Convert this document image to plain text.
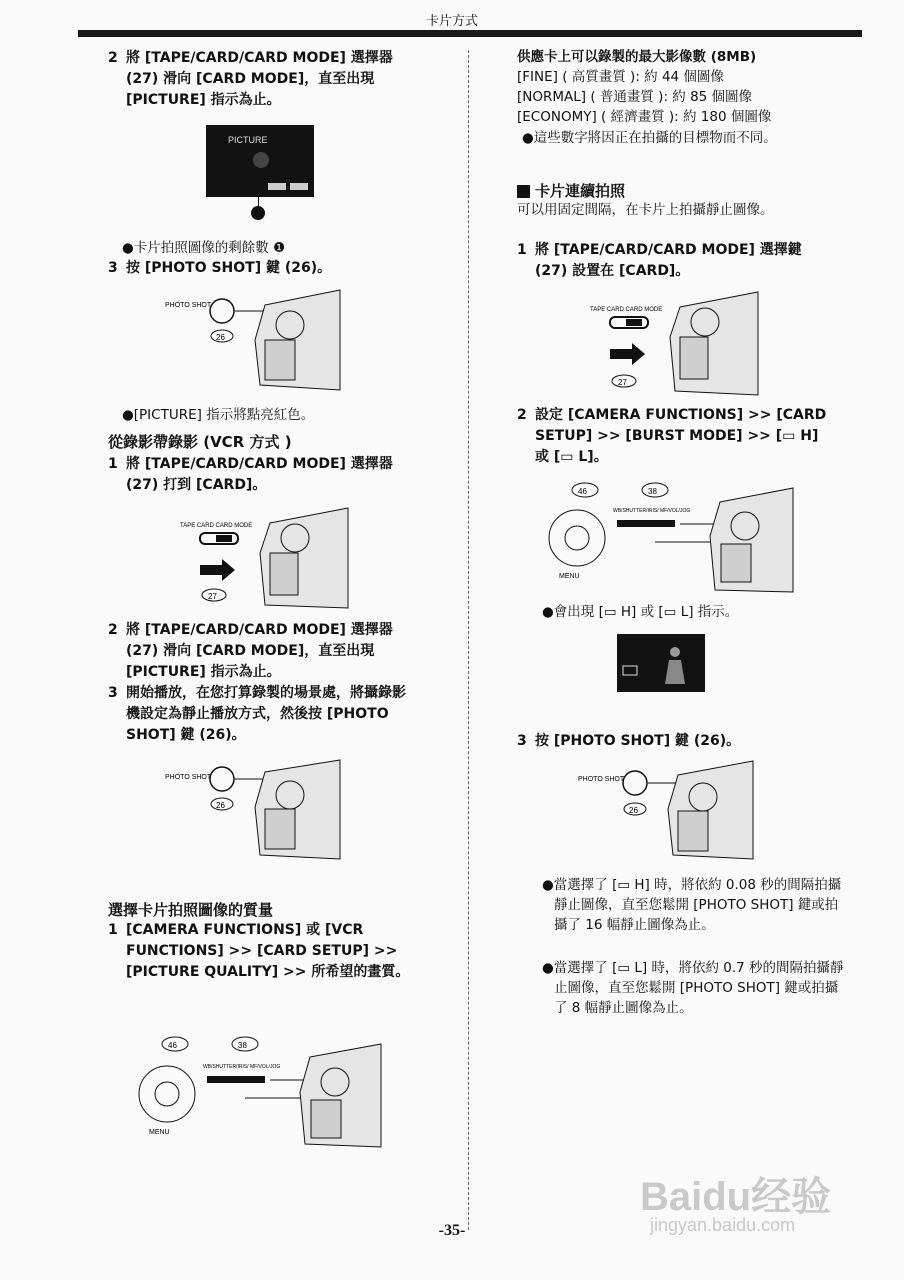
卡片方式
2 將 [TAPE/CARD/CARD MODE] 選擇器 (27) 滑向 [CARD MODE]，直至出現 [PICTURE] 指示為止。
PICTURE
●卡片拍照圖像的剩餘數 ❶
3 按 [PHOTO SHOT] 鍵 (26)。
PHOTO SHOT
26
●[PICTURE] 指示將點亮紅色。
從錄影帶錄影 (VCR 方式 )
1 將 [TAPE/CARD/CARD MODE] 選擇器 (27) 打到 [CARD]。
TAPE CARD CARD MODE
27
2 將 [TAPE/CARD/CARD MODE] 選擇器 (27) 滑向 [CARD MODE]，直至出現 [PICTURE] 指示為止。
3 開始播放，在您打算錄製的場景處，將攝錄影機設定為靜止播放方式，然後按 [PHOTO SHOT] 鍵 (26)。
PHOTO SHOT
26
選擇卡片拍照圖像的質量
1 [CAMERA FUNCTIONS] 或 [VCR FUNCTIONS] >> [CARD SETUP] >> [PICTURE QUALITY] >> 所希望的畫質。
46	38
MENU
WB/SHUTTER/IRIS/ MF/VOL/JOG
供應卡上可以錄製的最大影像數 (8MB)
[FINE] ( 高質畫質 ): 約 44 個圖像
[NORMAL] ( 普通畫質 ): 約 85 個圖像
[ECONOMY] ( 經濟畫質 ): 約 180 個圖像
●這些數字將因正在拍攝的目標物而不同。
卡片連續拍照
可以用固定間隔，在卡片上拍攝靜止圖像。
1 將 [TAPE/CARD/CARD MODE] 選擇鍵 (27) 設置在 [CARD]。
TAPE CARD CARD MODE
27
2 設定 [CAMERA FUNCTIONS] >> [CARD SETUP] >> [BURST MODE] >> [▭ H] 或 [▭ L]。
46	38
MENU
WB/SHUTTER/IRIS/ MF/VOL/JOG
●會出現 [▭ H] 或 [▭ L] 指示。
3 按 [PHOTO SHOT] 鍵 (26)。
PHOTO SHOT
26
●當選擇了 [▭ H] 時，將依約 0.08 秒的間隔拍攝靜止圖像，直至您鬆開 [PHOTO SHOT] 鍵或拍攝了 16 幅靜止圖像為止。
●當選擇了 [▭ L] 時，將依約 0.7 秒的間隔拍攝靜止圖像，直至您鬆開 [PHOTO SHOT] 鍵或拍攝了 8 幅靜止圖像為止。
-35-
Baidu经验
jingyan.baidu.com
